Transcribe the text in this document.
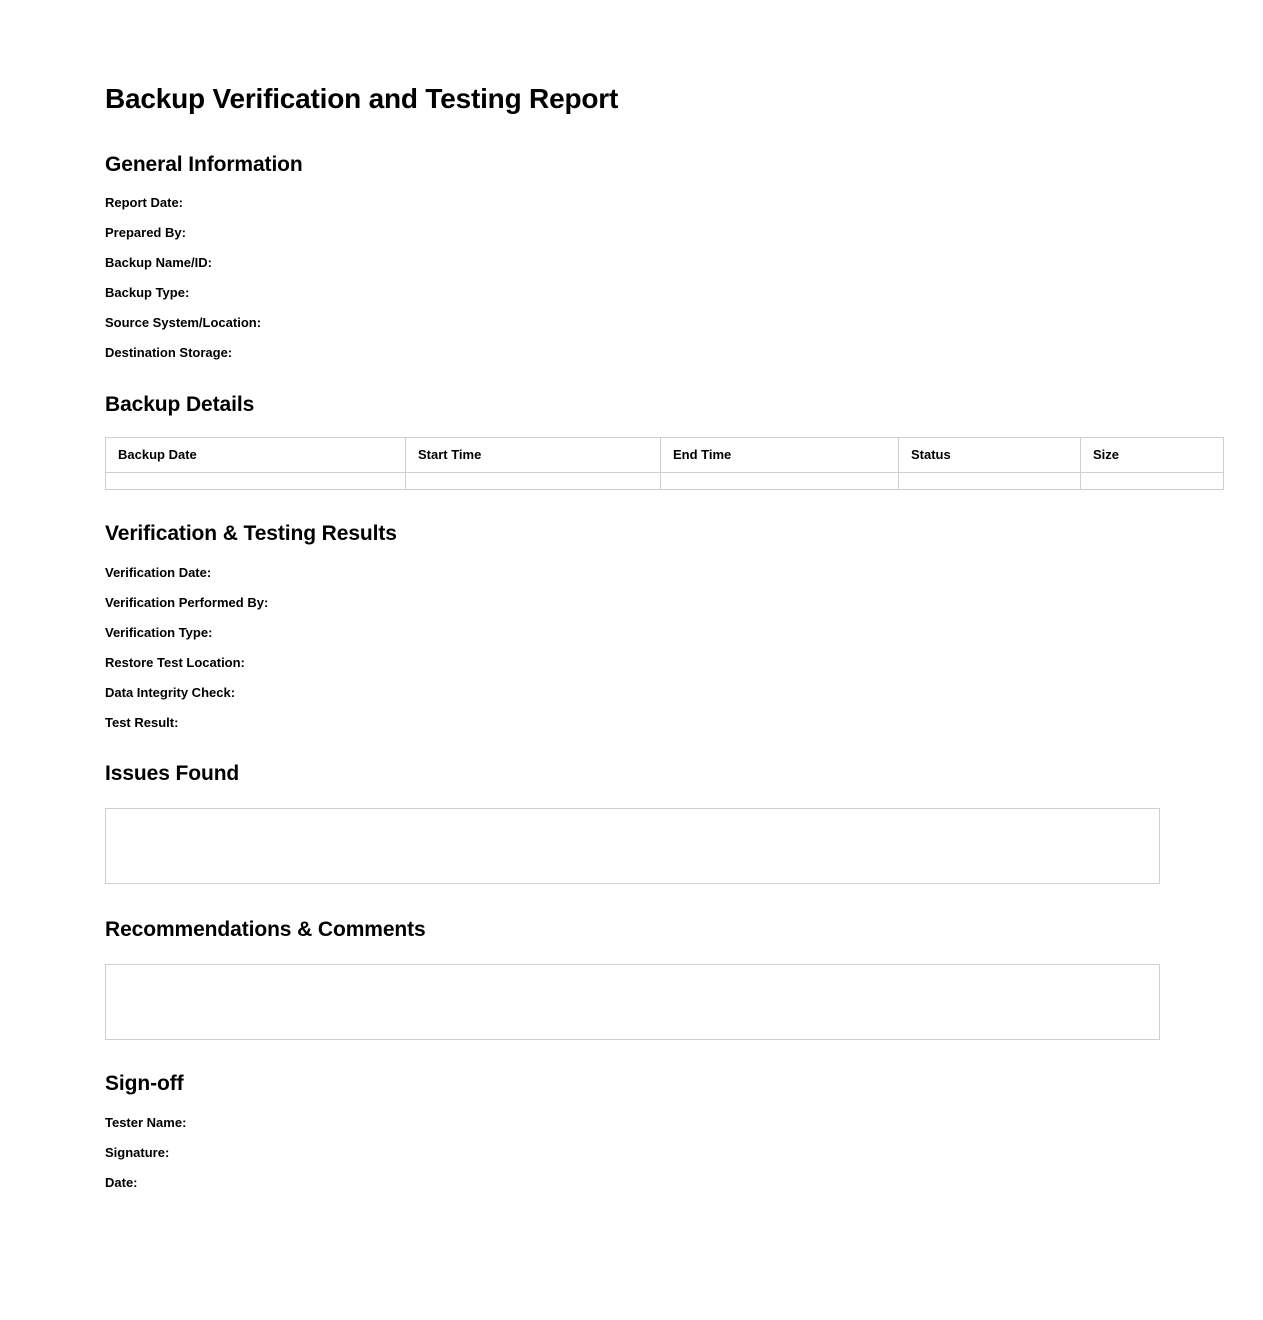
Backup Verification and Testing Report
General Information
Report Date:
Prepared By:
Backup Name/ID:
Backup Type:
Source System/Location:
Destination Storage:
Backup Details
Backup Date	Start Time	End Time	Status	Size

Verification & Testing Results
Verification Date:
Verification Performed By:
Verification Type:
Restore Test Location:
Data Integrity Check:
Test Result:
Issues Found
Recommendations & Comments
Sign-off
Tester Name:
Signature:
Date:
